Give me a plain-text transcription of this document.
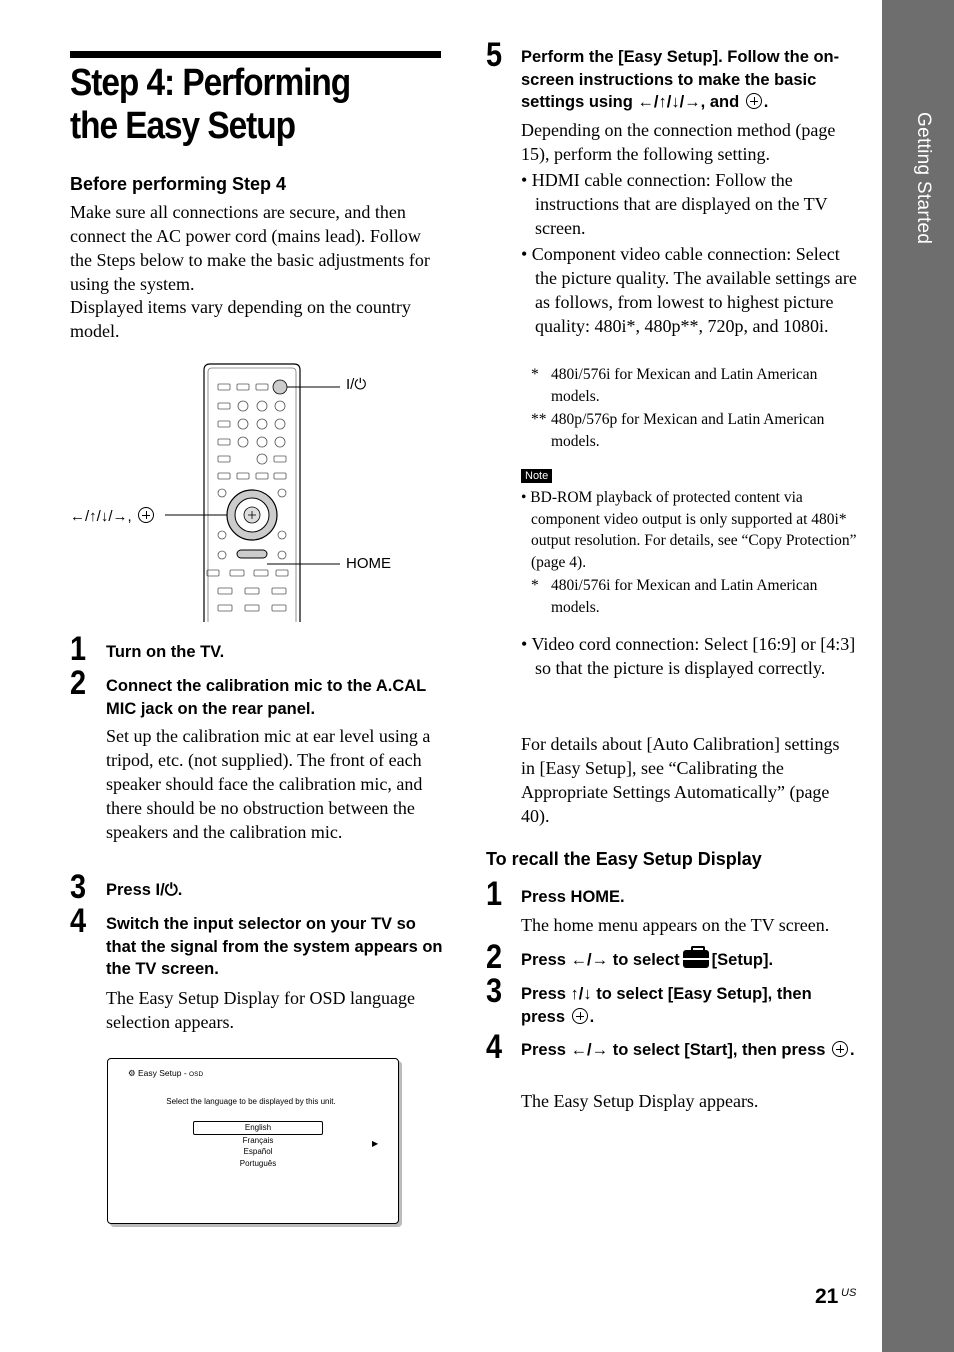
Getting Started
Step 4: Performing the Easy Setup
Before performing Step 4
Make sure all connections are secure, and then connect the AC power cord (mains lead). Follow the Steps below to make the basic adjustments for using the system.
Displayed items vary depending on the country model.
I/⏻
←/↑/↓/→,
HOME
1 Turn on the TV.
2 Connect the calibration mic to the A.CAL MIC jack on the rear panel.
Set up the calibration mic at ear level using a tripod, etc. (not supplied). The front of each speaker should face the calibration mic, and there should be no obstruction between the speakers and the calibration mic.
3 Press I/⏻.
4 Switch the input selector on your TV so that the signal from the system appears on the TV screen.
The Easy Setup Display for OSD language selection appears.
⚙ Easy Setup - OSD
Select the language to be displayed by this unit.
English
Français
Español
Português
▶
5 Perform the [Easy Setup]. Follow the on-screen instructions to make the basic settings using ←/↑/↓/→, and .
Depending on the connection method (page 15), perform the following setting.
• HDMI cable connection: Follow the instructions that are displayed on the TV screen.
• Component video cable connection: Select the picture quality. The available settings are as follows, from lowest to highest picture quality: 480i*, 480p**, 720p, and 1080i.
* 480i/576i for Mexican and Latin American models.
** 480p/576p for Mexican and Latin American models.
Note
• BD-ROM playback of protected content via component video output is only supported at 480i* output resolution. For details, see “Copy Protection” (page 4).
* 480i/576i for Mexican and Latin American models.
• Video cord connection: Select [16:9] or [4:3] so that the picture is displayed correctly.
For details about [Auto Calibration] settings in [Easy Setup], see “Calibrating the Appropriate Settings Automatically” (page 40).
To recall the Easy Setup Display
1 Press HOME.
The home menu appears on the TV screen.
2 Press ←/→ to select [Setup].
3 Press ↑/↓ to select [Easy Setup], then press .
4 Press ←/→ to select [Start], then press .
The Easy Setup Display appears.
21 US
